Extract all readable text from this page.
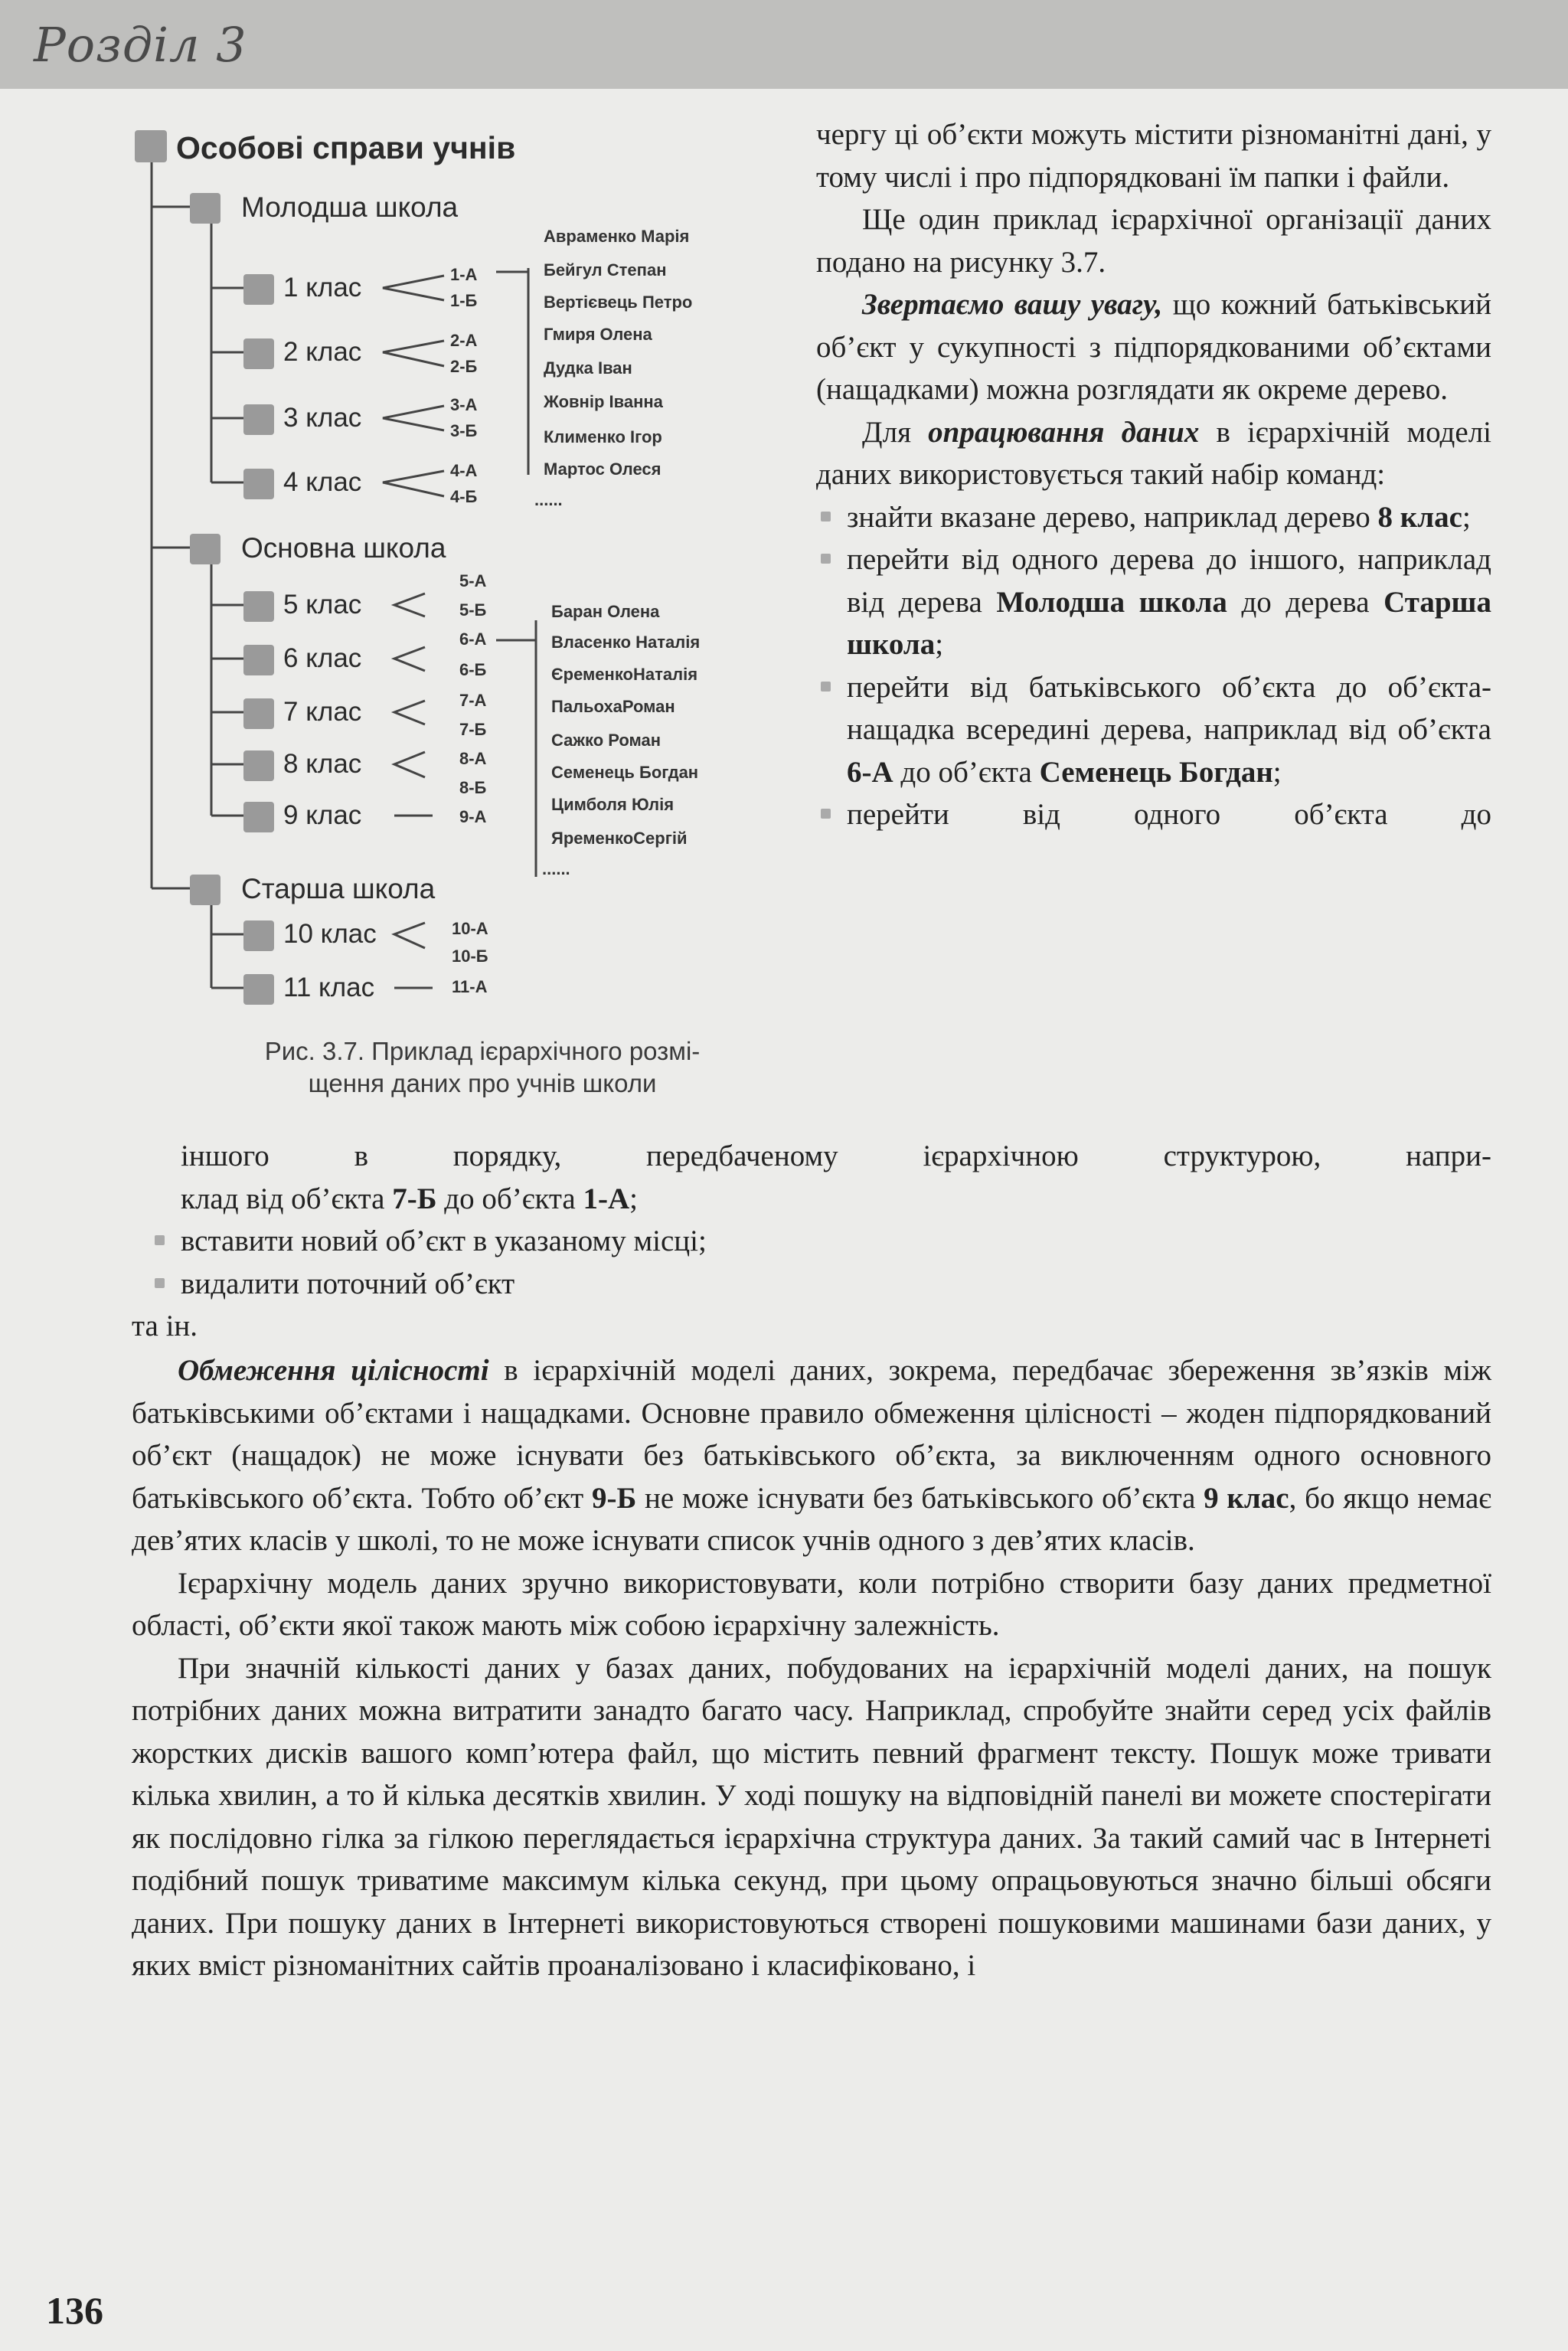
Розділ 3
Особові справи учнів
Молодша школа
Основна школа
Старша школа
1 клас
2 клас
3 клас
4 клас
1-А
1-Б
2-А
2-Б
3-А
3-Б
4-А
4-Б
Авраменко Марія
Бейгул Степан
Вертієвець Петро
Гмиря Олена
Дудка Іван
Жовнір Іванна
Клименко Ігор
Мартос Олеся
......
5 клас
6 клас
7 клас
8 клас
9 клас
5-А
5-Б
6-А
6-Б
7-А
7-Б
8-А
8-Б
9-А
Баран Олена
Власенко Наталія
ЄременкоНаталія
ПальохаРоман
Сажко Роман
Семенець Богдан
Цимболя Юлія
ЯременкоСергій
......
10 клас
11 клас
10-А
10-Б
11-А
Рис. 3.7. Приклад ієрархічного розмі-
щення даних про учнів школи

чергу ці об’єкти можуть містити різноманітні дані, у тому числі і про підпорядковані їм папки і файли.

Ще один приклад ієрархічної організації даних подано на рисунку 3.7.

Звертаємо вашу увагу, що кожний батьківський об’єкт у сукупності з підпорядкованими об’єктами (нащадками) можна розглядати як окреме дерево.

Для опрацювання даних в ієрархічній моделі даних використовується такий набір команд:

знайти вказане дерево, наприклад дерево 8 клас;

перейти від одного дерева до іншого, наприклад від дерева Молодша школа до дерева Старша школа;

перейти від батьківського об’єкта до об’єкта-нащадка всередині дерева, наприклад від об’єкта 6-А до об’єкта Семенець Богдан;

перейти від одного об’єкта до

іншого в порядку, передбаченому ієрархічною структурою, напри-
клад від об’єкта 7-Б до об’єкта 1-А;
вставити новий об’єкт в указаному місці;
видалити поточний об’єкт
та ін.

Обмеження цілісності в ієрархічній моделі даних, зокрема, передбачає збереження зв’язків між батьківськими об’єктами і нащадками. Основне правило обмеження цілісності – жоден підпорядкований об’єкт (нащадок) не може існувати без батьківського об’єкта, за виключенням одного основного батьківського об’єкта. Тобто об’єкт 9-Б не може існувати без батьківського об’єкта 9 клас, бо якщо немає дев’ятих класів у школі, то не може існувати список учнів одного з дев’ятих класів.

Ієрархічну модель даних зручно використовувати, коли потрібно створити базу даних предметної області, об’єкти якої також мають між собою ієрархічну залежність.

При значній кількості даних у базах даних, побудованих на ієрархічній моделі даних, на пошук потрібних даних можна витратити занадто багато часу. Наприклад, спробуйте знайти серед усіх файлів жорстких дисків вашого комп’ютера файл, що містить певний фрагмент тексту. Пошук може тривати кілька хвилин, а то й кілька десятків хвилин. У ході пошуку на відповідній панелі ви можете спостерігати як послідовно гілка за гілкою переглядається ієрархічна структура даних. За такий самий час в Інтернеті подібний пошук триватиме максимум кілька секунд, при цьому опрацьовуються значно більші обсяги даних. При пошуку даних в Інтернеті використовуються створені пошуковими машинами бази даних, у яких вміст різноманітних сайтів проаналізовано і класифіковано, і

136
